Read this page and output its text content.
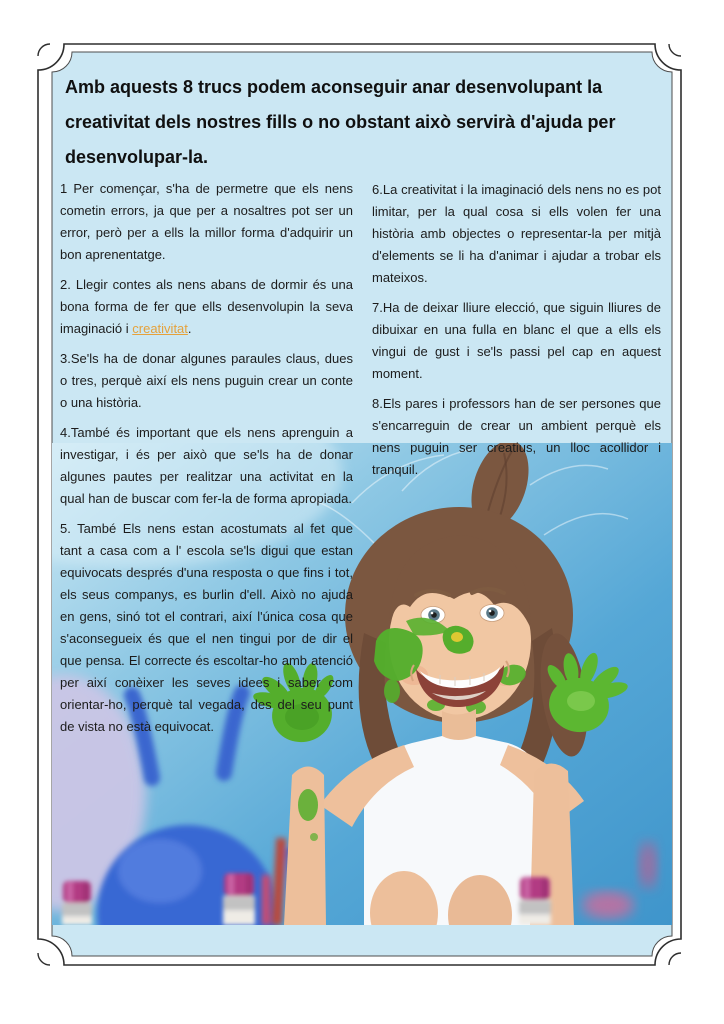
Amb aquests 8 trucs podem aconseguir anar desenvolupant la creativitat dels nostres fills o no obstant això servirà d'ajuda per desenvolupar-la.

1 Per començar, s'ha de permetre que els nens cometin errors, ja que per a nosaltres pot ser un error, però per a ells la millor forma d'adquirir un bon aprenentatge.

2. Llegir contes als nens abans de dormir és una bona forma de fer que ells desenvolupin la seva imaginació i creativitat.

3.Se'ls ha de donar algunes paraules claus, dues o tres, perquè així els nens puguin crear un conte o una història.

4.També és important que els nens aprenguin a investigar, i és per això que se'ls ha de donar algunes pautes per realitzar una activitat en la qual han de buscar com fer-la de forma apropiada.

5. També Els nens estan acostumats al fet que tant a casa com a l' escola se'ls digui que estan equivocats després d'una resposta o que fins i tot, els seus companys, es burlin d'ell. Això no ajuda en gens, sinó tot el contrari, així l'única cosa que s'aconsegueix és que el nen tingui por de dir el que pensa. El correcte és escoltar-ho amb atenció per així conèixer les seves idees i saber com orientar-ho, perquè tal vegada, des del seu punt de vista no està equivocat.

6.La creativitat i la imaginació dels nens no es pot limitar, per la qual cosa si ells volen fer una història amb objectes o representar-la per mitjà d'elements se li ha d'animar i ajudar a trobar els mateixos.

7.Ha de deixar lliure elecció, que siguin lliures de dibuixar en una fulla en blanc el que a ells els vingui de gust i se'ls passi pel cap en aquest moment.

8.Els pares i professors han de ser persones que s'encarreguin de crear un ambient perquè els nens puguin ser creatius, un lloc acollidor i tranquil.
